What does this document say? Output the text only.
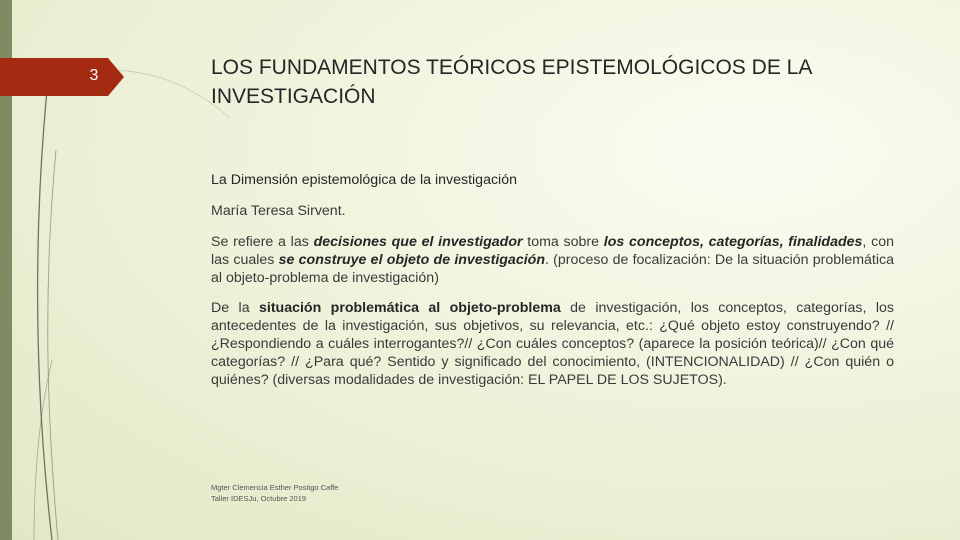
3	LOS FUNDAMENTOS TEÓRICOS EPISTEMOLÓGICOS DE LA INVESTIGACIÓN

La Dimensión epistemológica de la investigación

María Teresa Sirvent.

Se refiere a las decisiones que el investigador toma sobre los conceptos, categorías, finalidades, con las cuales se construye el objeto de investigación. (proceso de focalización: De la situación problemática al objeto-problema de investigación)

De la situación problemática al objeto-problema de investigación, los conceptos, categorías, los antecedentes de la investigación, sus objetivos, su relevancia, etc.: ¿Qué objeto estoy construyendo? // ¿Respondiendo a cuáles interrogantes?// ¿Con cuáles conceptos? (aparece la posición teórica)// ¿Con qué categorías? // ¿Para qué? Sentido y significado del conocimiento, (INTENCIONALIDAD) // ¿Con quién o quiénes? (diversas modalidades de investigación: EL PAPEL DE LOS SUJETOS).

Mgter Clemencia Esther Postigo Caffe

Taller IDESJu, Octubre 2019
